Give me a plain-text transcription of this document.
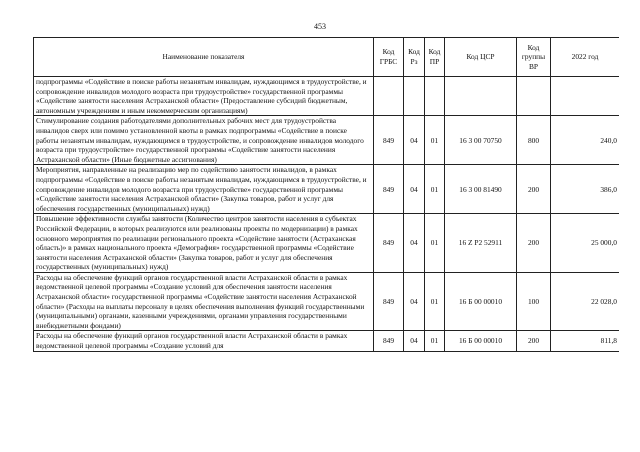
453
Наименование показателя	Код ГРБС	Код Рз	Код ПР	Код ЦСР	Код группы ВР	2022 год
подпрограммы «Содействие в поиске работы незанятым инвалидам, нуждающимся в трудоустройстве, и сопровождение инвалидов молодого возраста при трудоустройстве» государственной программы «Содействие занятости населения Астраханской области» (Предоставление субсидий бюджетным, автономным учреждениям и иным некоммерческим организациям)						
Стимулирование создания работодателями дополнительных рабочих мест для трудоустройства инвалидов сверх или помимо установленной квоты в рамках подпрограммы «Содействие в поиске работы незанятым инвалидам, нуждающимся в трудоустройстве, и сопровождение инвалидов молодого возраста при трудоустройстве» государственной программы «Содействие занятости населения Астраханской области» (Иные бюджетные ассигнования)	849	04	01	16 3 00 70750	800	240,0
Мероприятия, направленные на реализацию мер по содействию занятости инвалидов, в рамках подпрограммы «Содействие в поиске работы незанятым инвалидам, нуждающимся в трудоустройстве, и сопровождение инвалидов молодого возраста при трудоустройстве» государственной программы «Содействие занятости населения Астраханской области» (Закупка товаров, работ и услуг для обеспечения государственных (муниципальных) нужд)	849	04	01	16 3 00 81490	200	386,0
Повышение эффективности службы занятости (Количество центров занятости населения в субъектах Российской Федерации, в которых реализуются или реализованы проекты по модернизации) в рамках основного мероприятия по реализации регионального проекта «Содействие занятости (Астраханская область)» в рамках национального проекта «Демография» государственной программы «Содействие занятости населения Астраханской области» (Закупка товаров, работ и услуг для обеспечения государственных (муниципальных) нужд)	849	04	01	16 Z P2 52911	200	25 000,0
Расходы на обеспечение функций органов государственной власти Астраханской области в рамках ведомственной целевой программы «Создание условий для обеспечения занятости населения Астраханской области» государственной программы «Содействие занятости населения Астраханской области» (Расходы на выплаты персоналу в целях обеспечения выполнения функций государственными (муниципальными) органами, казенными учреждениями, органами управления государственными внебюджетными фондами)	849	04	01	16 Б 00 00010	100	22 028,0
Расходы на обеспечение функций органов государственной власти Астраханской области в рамках ведомственной целевой программы «Создание условий для	849	04	01	16 Б 00 00010	200	811,8
